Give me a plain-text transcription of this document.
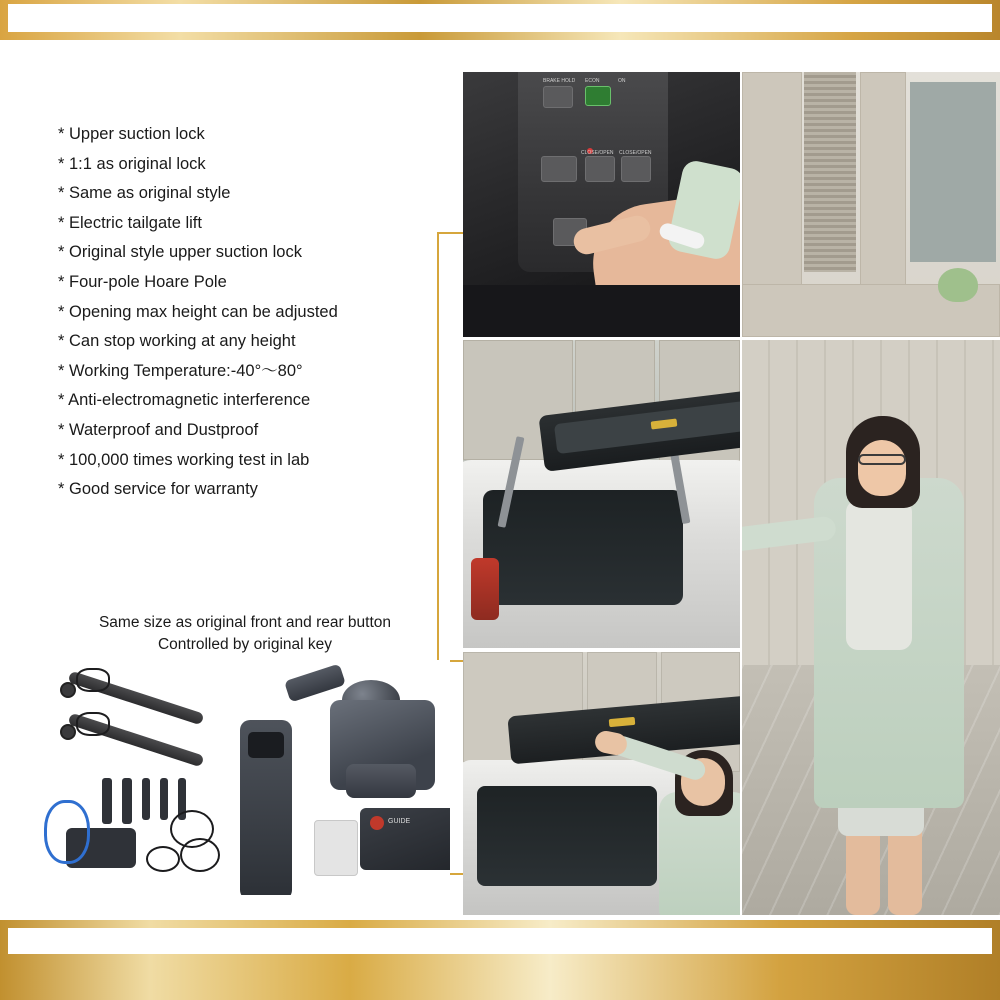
* Upper suction lock
* 1:1 as original lock
* Same as original style
* Electric tailgate lift
* Original style upper suction lock
* Four-pole Hoare Pole
* Opening max height can be adjusted
* Can stop working at any height
* Working Temperature:-40°～80°
* Anti-electromagnetic interference
* Waterproof and Dustproof
* 100,000 times working test in lab
* Good service for warranty
Same size as original front and rear button
Controlled by original key
BRAKE HOLD ECON	ON
CLOSE/OPEN CLOSE/OPEN
GUIDE
